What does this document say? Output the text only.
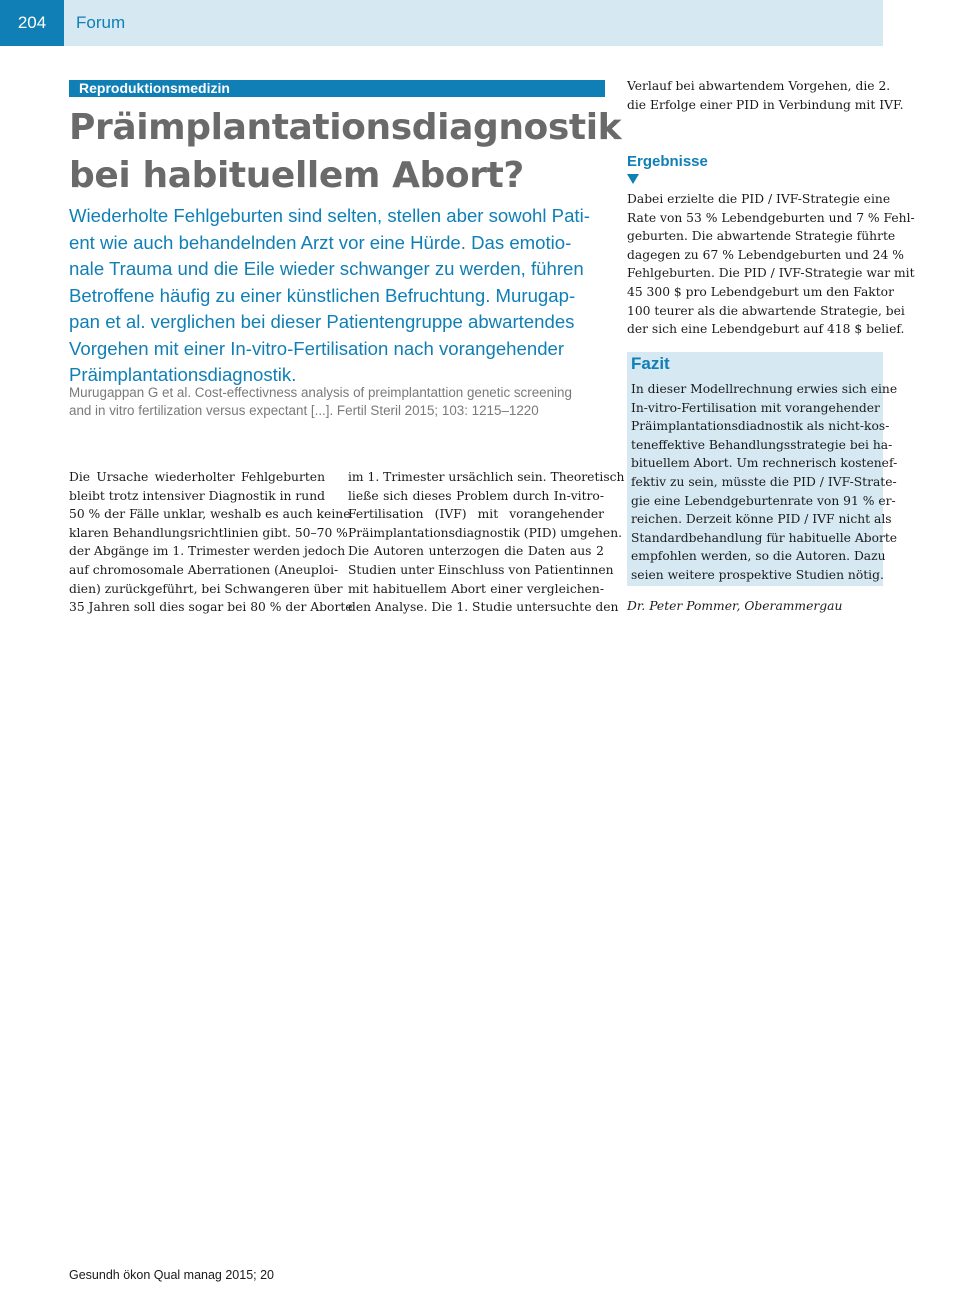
204	Forum
Reproduktionsmedizin
Präimplantationsdiagnostik
bei habituellem Abort?
Wiederholte Fehlgeburten sind selten, stellen aber sowohl Pati-
ent wie auch behandelnden Arzt vor eine Hürde. Das emotio-
nale Trauma und die Eile wieder schwanger zu werden, führen
Betroffene häufig zu einer künstlichen Befruchtung. Murugap-
pan et al. verglichen bei dieser Patientengruppe abwartendes
Vorgehen mit einer In-vitro-Fertilisation nach vorangehender
Präimplantationsdiagnostik.
Murugappan G et al. Cost-effectivness analysis of preimplantattion genetic screening
and in vitro fertilization versus expectant [...]. Fertil Steril 2015; 103: 1215–1220
Die Ursache wiederholter Fehlgeburten
bleibt trotz intensiver Diagnostik in rund
50 % der Fälle unklar, weshalb es auch keine
klaren Behandlungsrichtlinien gibt. 50–70 %
der Abgänge im 1. Trimester werden jedoch
auf chromosomale Aberrationen (Aneuploi-
dien) zurückgeführt, bei Schwangeren über
35 Jahren soll dies sogar bei 80 % der Aborte
im 1. Trimester ursächlich sein. Theoretisch
ließe sich dieses Problem durch In-vitro-
Fertilisation (IVF) mit vorangehender
Präimplantationsdiagnostik (PID) umgehen.
Die Autoren unterzogen die Daten aus 2
Studien unter Einschluss von Patientinnen
mit habituellem Abort einer vergleichen-
den Analyse. Die 1. Studie untersuchte den
Verlauf bei abwartendem Vorgehen, die 2.
die Erfolge einer PID in Verbindung mit IVF.
Ergebnisse
Dabei erzielte die PID / IVF-Strategie eine
Rate von 53 % Lebendgeburten und 7 % Fehl-
geburten. Die abwartende Strategie führte
dagegen zu 67 % Lebendgeburten und 24 %
Fehlgeburten. Die PID / IVF-Strategie war mit
45 300 $ pro Lebendgeburt um den Faktor
100 teurer als die abwartende Strategie, bei
der sich eine Lebendgeburt auf 418 $ belief.
Fazit
In dieser Modellrechnung erwies sich eine
In-vitro-Fertilisation mit vorangehender
Präimplantationsdiadnostik als nicht-kos-
teneffektive Behandlungsstrategie bei ha-
bituellem Abort. Um rechnerisch kostenef-
fektiv zu sein, müsste die PID / IVF-Strate-
gie eine Lebendgeburtenrate von 91 % er-
reichen. Derzeit könne PID / IVF nicht als
Standardbehandlung für habituelle Aborte
empfohlen werden, so die Autoren. Dazu
seien weitere prospektive Studien nötig.
Dr. Peter Pommer, Oberammergau
Gesundh ökon Qual manag 2015; 20
